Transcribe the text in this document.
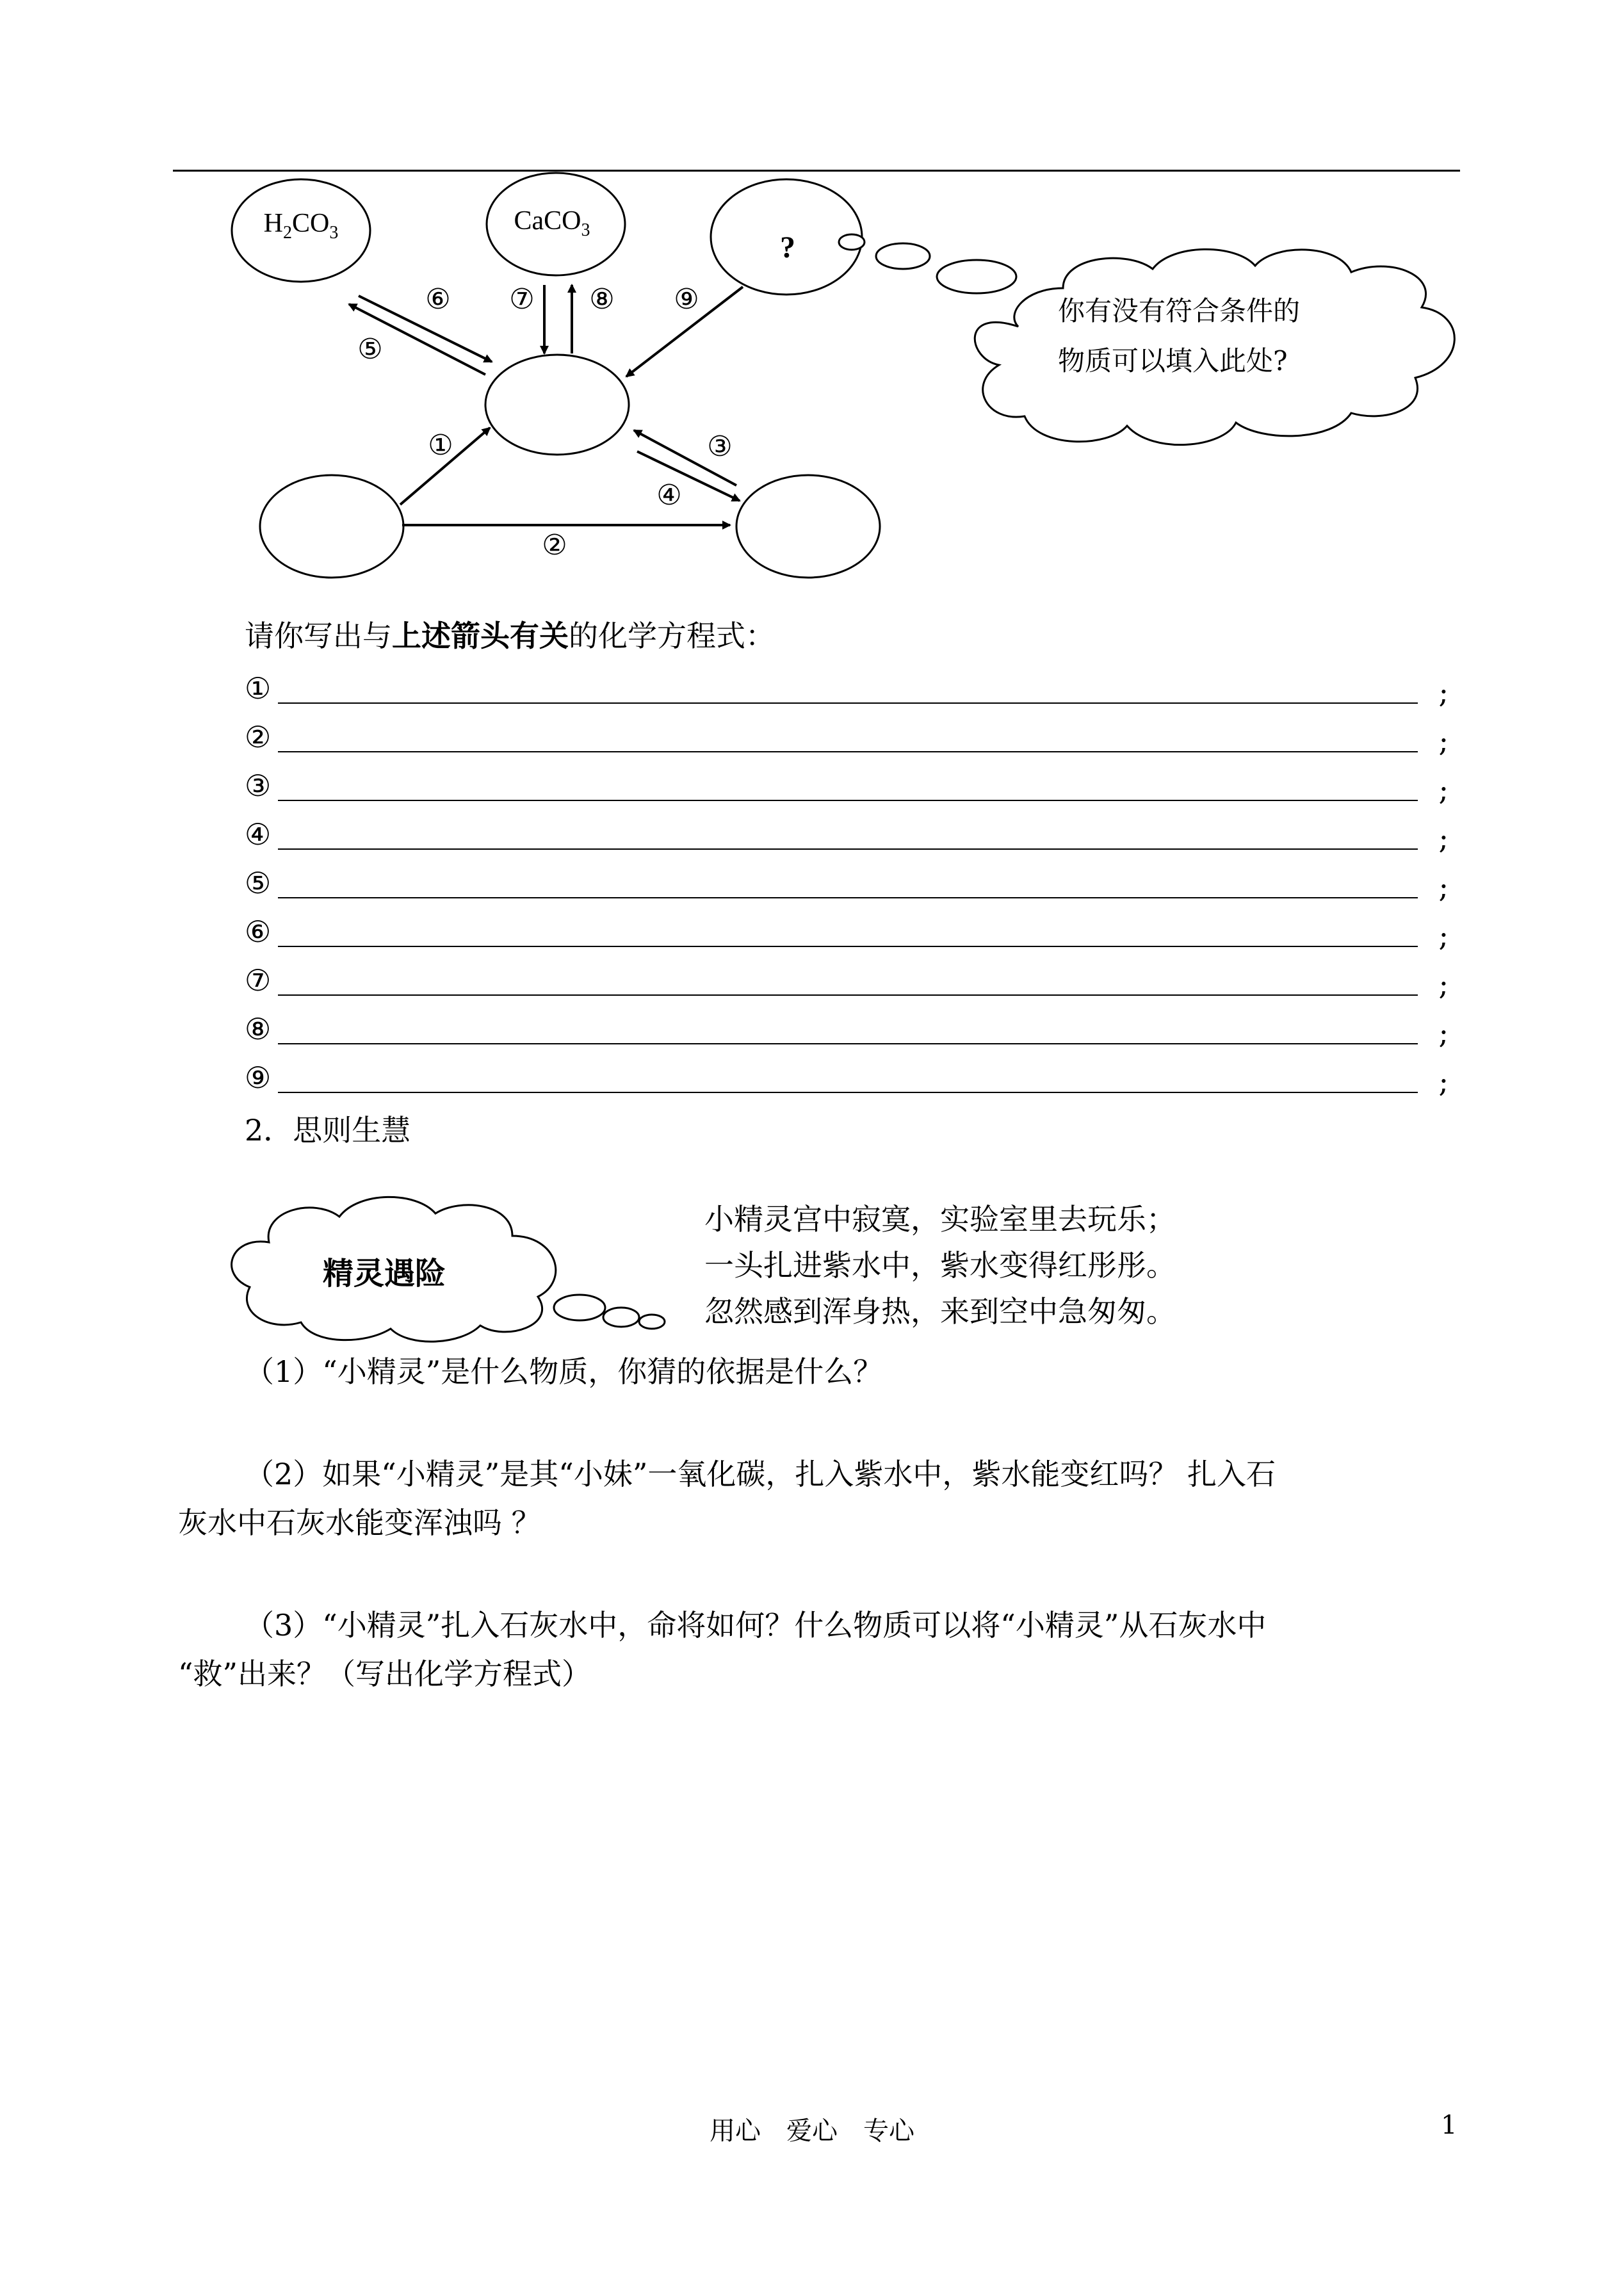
$H_2CO_3$	CaCO$_3$
?
你有没有符合条件的
物质可以填入此处?
⑥
⑤
⑦ ⑧ ⑨
①
②
③
④
请你写出与上述箭头有关的化学方程式：
①	;
②	;
③	;
④	;
⑤	;
⑥	;
⑦	;
⑧	;
⑨	;
2．思则生慧
精灵遇险
小精灵宫中寂寞，实验室里去玩乐；
一头扎进紫水中，紫水变得红彤彤。
忽然感到浑身热，来到空中急匆匆。
（1）“小精灵”是什么物质，你猜的依据是什么？
（2）如果“小精灵”是其“小妹”一氧化碳，扎入紫水中，紫水能变红吗？ 扎入石
灰水中石灰水能变浑浊吗 ？
（3）“小精灵”扎入石灰水中，命将如何？什么物质可以将“小精灵”从石灰水中
“救”出来？（写出化学方程式）
用心　爱心　专心	1
